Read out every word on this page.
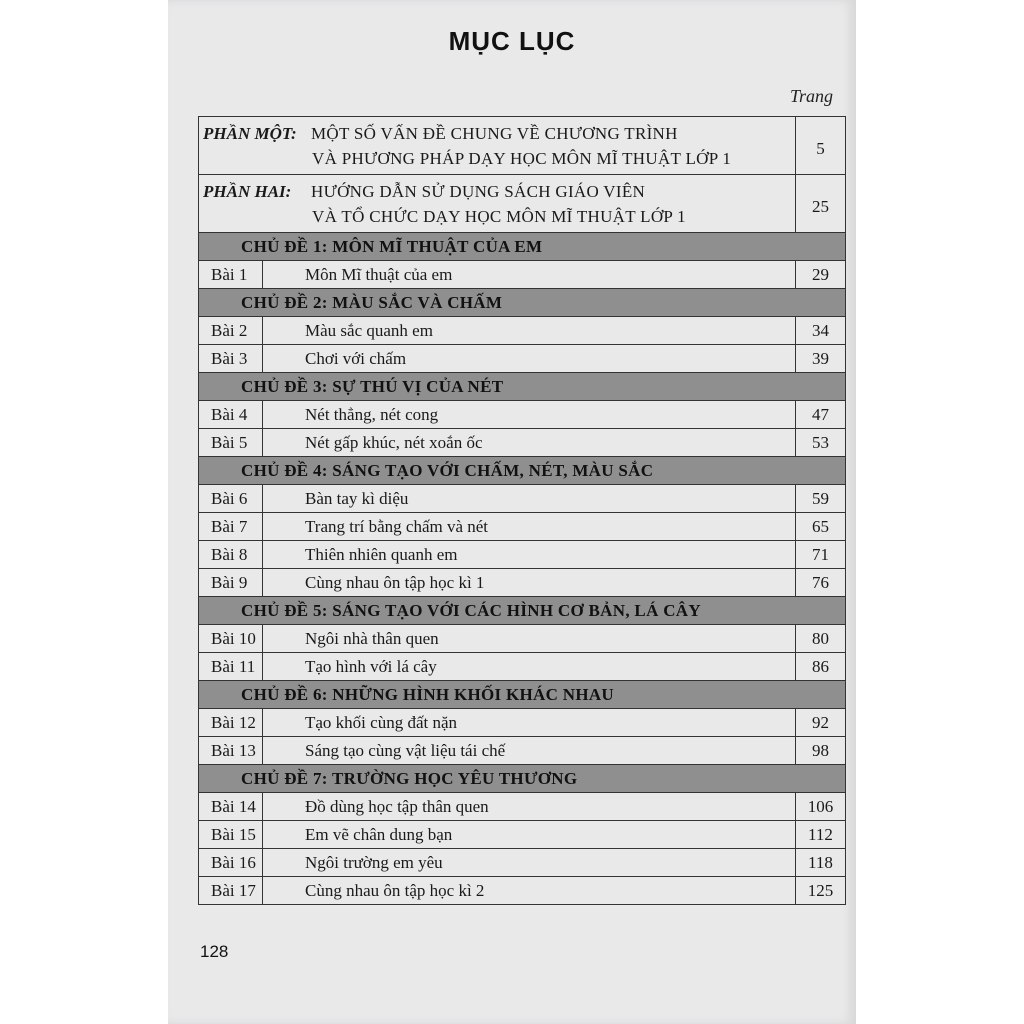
MỤC LỤC
Trang
PHẦN MỘT: MỘT SỐ VẤN ĐỀ CHUNG VỀ CHƯƠNG TRÌNH
VÀ PHƯƠNG PHÁP DẠY HỌC MÔN MĨ THUẬT LỚP 1	5
PHẦN HAI: HƯỚNG DẪN SỬ DỤNG SÁCH GIÁO VIÊN
VÀ TỔ CHỨC DẠY HỌC MÔN MĨ THUẬT LỚP 1	25
CHỦ ĐỀ 1: MÔN MĨ THUẬT CỦA EM	

Bài 1 Môn Mĩ thuật của em	29
CHỦ ĐỀ 2: MÀU SẮC VÀ CHẤM	

Bài 2 Màu sắc quanh em	34

Bài 3 Chơi với chấm	39
CHỦ ĐỀ 3: SỰ THÚ VỊ CỦA NÉT	

Bài 4 Nét thẳng, nét cong	47

Bài 5 Nét gấp khúc, nét xoắn ốc	53
CHỦ ĐỀ 4: SÁNG TẠO VỚI CHẤM, NÉT, MÀU SẮC	

Bài 6 Bàn tay kì diệu	59

Bài 7 Trang trí bằng chấm và nét	65

Bài 8 Thiên nhiên quanh em	71

Bài 9 Cùng nhau ôn tập học kì 1	76
CHỦ ĐỀ 5: SÁNG TẠO VỚI CÁC HÌNH CƠ BẢN, LÁ CÂY	

Bài 10 Ngôi nhà thân quen	80

Bài 11 Tạo hình với lá cây	86
CHỦ ĐỀ 6: NHỮNG HÌNH KHỐI KHÁC NHAU	

Bài 12 Tạo khối cùng đất nặn	92

Bài 13 Sáng tạo cùng vật liệu tái chế	98
CHỦ ĐỀ 7: TRƯỜNG HỌC YÊU THƯƠNG	

Bài 14 Đồ dùng học tập thân quen	106

Bài 15 Em vẽ chân dung bạn	112

Bài 16 Ngôi trường em yêu	118

Bài 17 Cùng nhau ôn tập học kì 2	125
128
